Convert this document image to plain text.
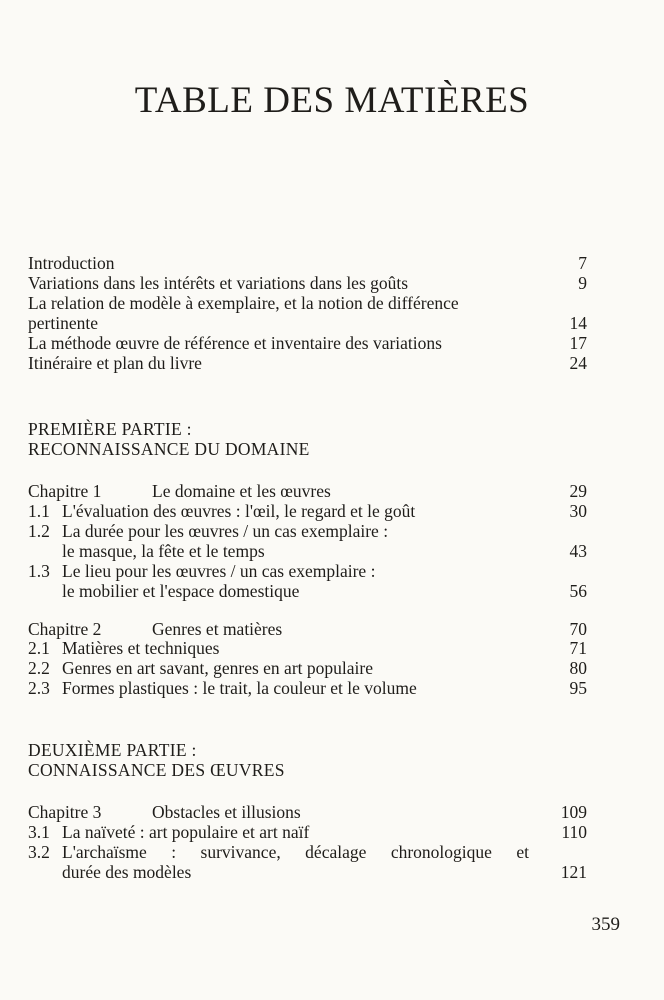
TABLE DES MATIÈRES
Introduction	7
Variations dans les intérêts et variations dans les goûts	9
La relation de modèle à exemplaire, et la notion de différence
pertinente	14
La méthode œuvre de référence et inventaire des variations	17
Itinéraire et plan du livre	24
PREMIÈRE PARTIE :
RECONNAISSANCE DU DOMAINE
Chapitre 1	Le domaine et les œuvres	29
1.1 L'évaluation des œuvres : l'œil, le regard et le goût	30
1.2 La durée pour les œuvres / un cas exemplaire :
le masque, la fête et le temps	43
1.3 Le lieu pour les œuvres / un cas exemplaire :
le mobilier et l'espace domestique	56
Chapitre 2	Genres et matières	70
2.1 Matières et techniques	71
2.2 Genres en art savant, genres en art populaire	80
2.3 Formes plastiques : le trait, la couleur et le volume	95
DEUXIÈME PARTIE :
CONNAISSANCE DES ŒUVRES
Chapitre 3	Obstacles et illusions	109
3.1 La naïveté : art populaire et art naïf	110
3.2 L'archaïsme : survivance, décalage chronologique et
durée des modèles	121
359
